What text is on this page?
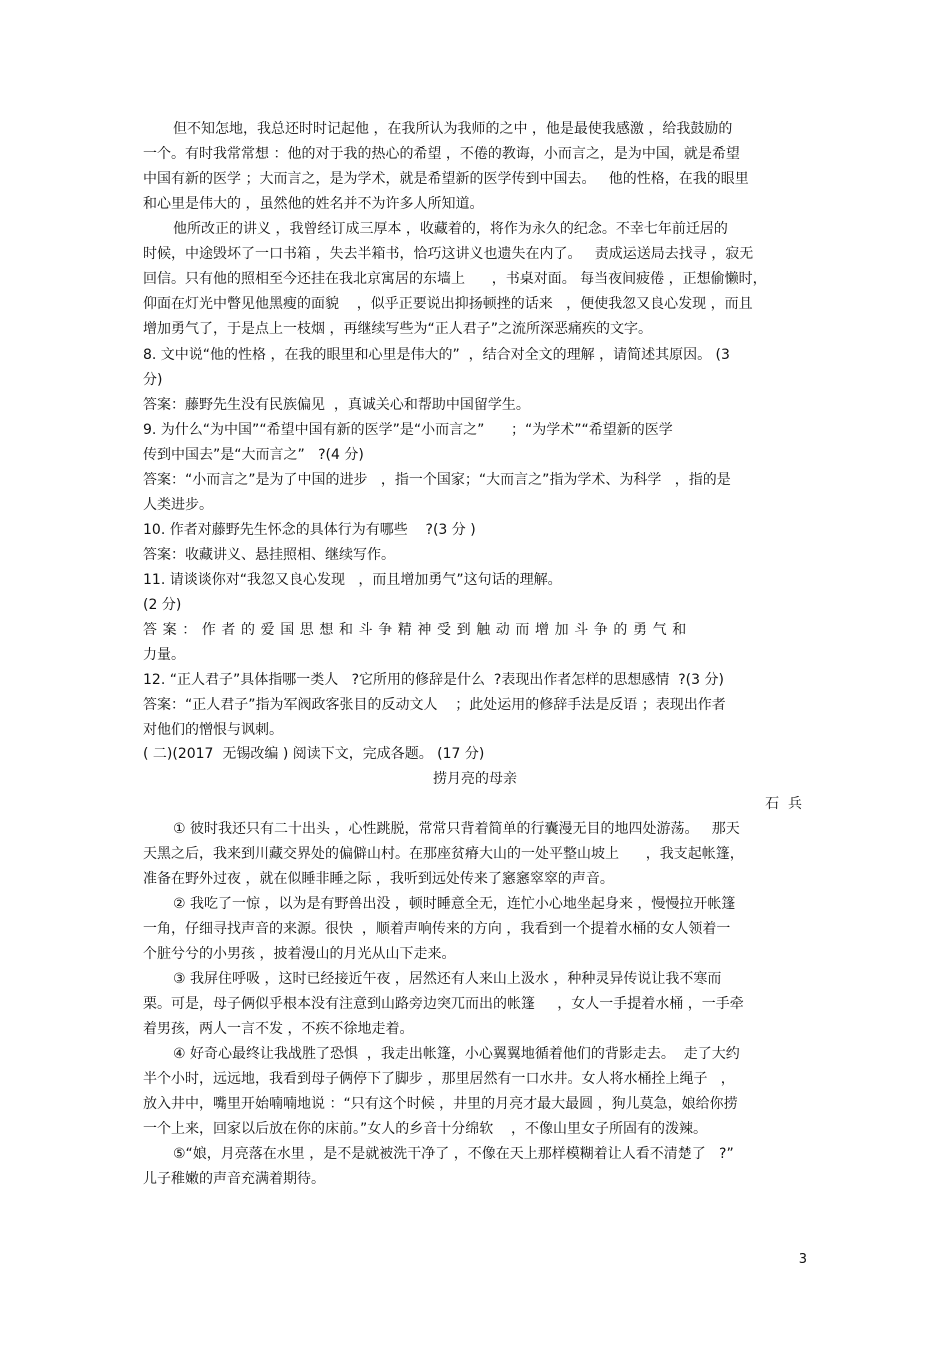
但不知怎地，我总还时时记起他 ，在我所认为我师的之中 ，他是最使我感激 ，给我鼓励的

一个。有时我常常想 ：他的对于我的热心的希望 ，不倦的教诲，小而言之，是为中国，就是希望

中国有新的医学 ；大而言之，是为学术，就是希望新的医学传到中国去。   他的性格，在我的眼里

和心里是伟大的 ，虽然他的姓名并不为许多人所知道。

他所改正的讲义 ，我曾经订成三厚本 ，收藏着的，将作为永久的纪念。不幸七年前迁居的

时候，中途毁坏了一口书箱 ，失去半箱书，恰巧这讲义也遗失在内了。   责成运送局去找寻 ，寂无

回信。只有他的照相至今还挂在我北京寓居的东墙上      ，书桌对面。 每当夜间疲倦 ，正想偷懒时，

仰面在灯光中瞥见他黑瘦的面貌    ，似乎正要说出抑扬顿挫的话来   ，便使我忽又良心发现 ，而且

增加勇气了，于是点上一枝烟 ，再继续写些为“正人君子”之流所深恶痛疾的文字。

8. 文中说“他的性格 ，在我的眼里和心里是伟大的”  ，结合对全文的理解 ，请简述其原因。 (3

分)

答案：藤野先生没有民族偏见  ，真诚关心和帮助中国留学生。

9. 为什么“为中国”“希望中国有新的医学”是“小而言之”      ；“为学术”“希望新的医学

传到中国去”是“大而言之”   ?(4 分)

答案：“小而言之”是为了中国的进步   ，指一个国家；“大而言之”指为学术、为科学   ，指的是

人类进步。

10. 作者对藤野先生怀念的具体行为有哪些    ?(3 分 )

答案：收藏讲义、悬挂照相、继续写作。

11. 请谈谈你对“我忽又良心发现   ，而且增加勇气”这句话的理解。

(2 分)

答案：作者的爱国思想和斗争精神受到触动而增加斗争的勇气和

力量。

12. “正人君子”具体指哪一类人   ?它所用的修辞是什么  ?表现出作者怎样的思想感情  ?(3 分)

答案：“正人君子”指为军阀政客张目的反动文人    ；此处运用的修辞手法是反语 ；表现出作者

对他们的憎恨与讽刺。

( 二)(2017  无锡改编 ) 阅读下文，完成各题。 (17 分)

捞月亮的母亲

石  兵

① 彼时我还只有二十出头 ，心性跳脱，常常只背着简单的行囊漫无目的地四处游荡。   那天

天黑之后，我来到川藏交界处的偏僻山村。在那座贫瘠大山的一处平整山坡上      ，我支起帐篷，

准备在野外过夜 ，就在似睡非睡之际 ，我听到远处传来了窸窸窣窣的声音。

② 我吃了一惊 ，以为是有野兽出没 ，顿时睡意全无，连忙小心地坐起身来 ，慢慢拉开帐篷

一角，仔细寻找声音的来源。很快  ，顺着声响传来的方向 ，我看到一个提着水桶的女人领着一

个脏兮兮的小男孩 ，披着漫山的月光从山下走来。

③ 我屏住呼吸 ，这时已经接近午夜 ，居然还有人来山上汲水 ，种种灵异传说让我不寒而

栗。可是，母子俩似乎根本没有注意到山路旁边突兀而出的帐篷     ，女人一手提着水桶 ，一手牵

着男孩，两人一言不发 ，不疾不徐地走着。

④ 好奇心最终让我战胜了恐惧  ，我走出帐篷，小心翼翼地循着他们的背影走去。  走了大约

半个小时，远远地，我看到母子俩停下了脚步 ，那里居然有一口水井。女人将水桶拴上绳子   ，

放入井中，嘴里开始喃喃地说 ：“只有这个时候 ，井里的月亮才最大最圆 ，狗儿莫急，娘给你捞

一个上来，回家以后放在你的床前。”女人的乡音十分绵软    ，不像山里女子所固有的泼辣。

⑤“娘，月亮落在水里 ，是不是就被洗干净了 ，不像在天上那样模糊着让人看不清楚了   ?”

儿子稚嫩的声音充满着期待。

3
